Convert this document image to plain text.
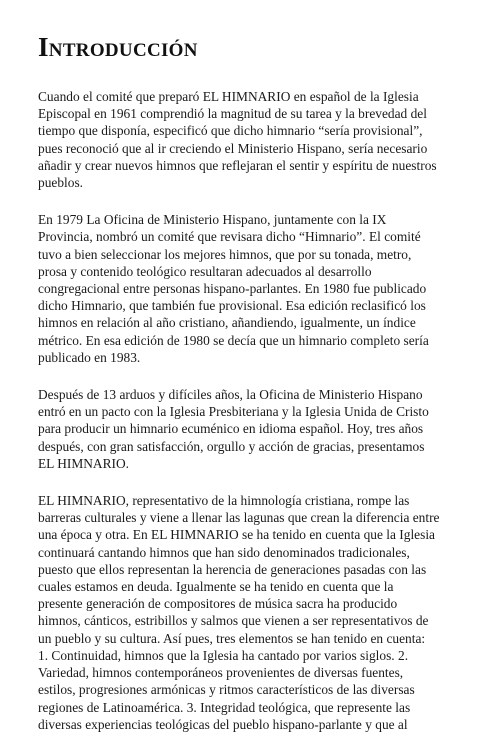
Introducción

Cuando el comité que preparó EL HIMNARIO en español de la Iglesia
Episcopal en 1961 comprendió la magnitud de su tarea y la brevedad del
tiempo que disponía, especificó que dicho himnario “sería provisional”,
pues reconoció que al ir creciendo el Ministerio Hispano, sería necesario
añadir y crear nuevos himnos que reflejaran el sentir y espíritu de nuestros
pueblos.

En 1979 La Oficina de Ministerio Hispano, juntamente con la IX
Provincia, nombró un comité que revisara dicho “Himnario”. El comité
tuvo a bien seleccionar los mejores himnos, que por su tonada, metro,
prosa y contenido teológico resultaran adecuados al desarrollo
congregacional entre personas hispano-parlantes. En 1980 fue publicado
dicho Himnario, que también fue provisional. Esa edición reclasificó los
himnos en relación al año cristiano, añandiendo, igualmente, un índice
métrico. En esa edición de 1980 se decía que un himnario completo sería
publicado en 1983.

Después de 13 arduos y difíciles años, la Oficina de Ministerio Hispano
entró en un pacto con la Iglesia Presbiteriana y la Iglesia Unida de Cristo
para producir un himnario ecuménico en idioma español. Hoy, tres años
después, con gran satisfacción, orgullo y acción de gracias, presentamos
EL HIMNARIO.

EL HIMNARIO, representativo de la himnología cristiana, rompe las
barreras culturales y viene a llenar las lagunas que crean la diferencia entre
una época y otra. En EL HIMNARIO se ha tenido en cuenta que la Iglesia
continuará cantando himnos que han sido denominados tradicionales,
puesto que ellos representan la herencia de generaciones pasadas con las
cuales estamos en deuda. Igualmente se ha tenido en cuenta que la
presente generación de compositores de música sacra ha producido
himnos, cánticos, estribillos y salmos que vienen a ser representativos de
un pueblo y su cultura. Así pues, tres elementos se han tenido en cuenta:
1. Continuidad, himnos que la Iglesia ha cantado por varios siglos. 2.
Variedad, himnos contemporáneos provenientes de diversas fuentes,
estilos, progresiones armónicas y ritmos característicos de las diversas
regiones de Latinoamérica. 3. Integridad teológica, que represente las
diversas experiencias teológicas del pueblo hispano-parlante y que al
